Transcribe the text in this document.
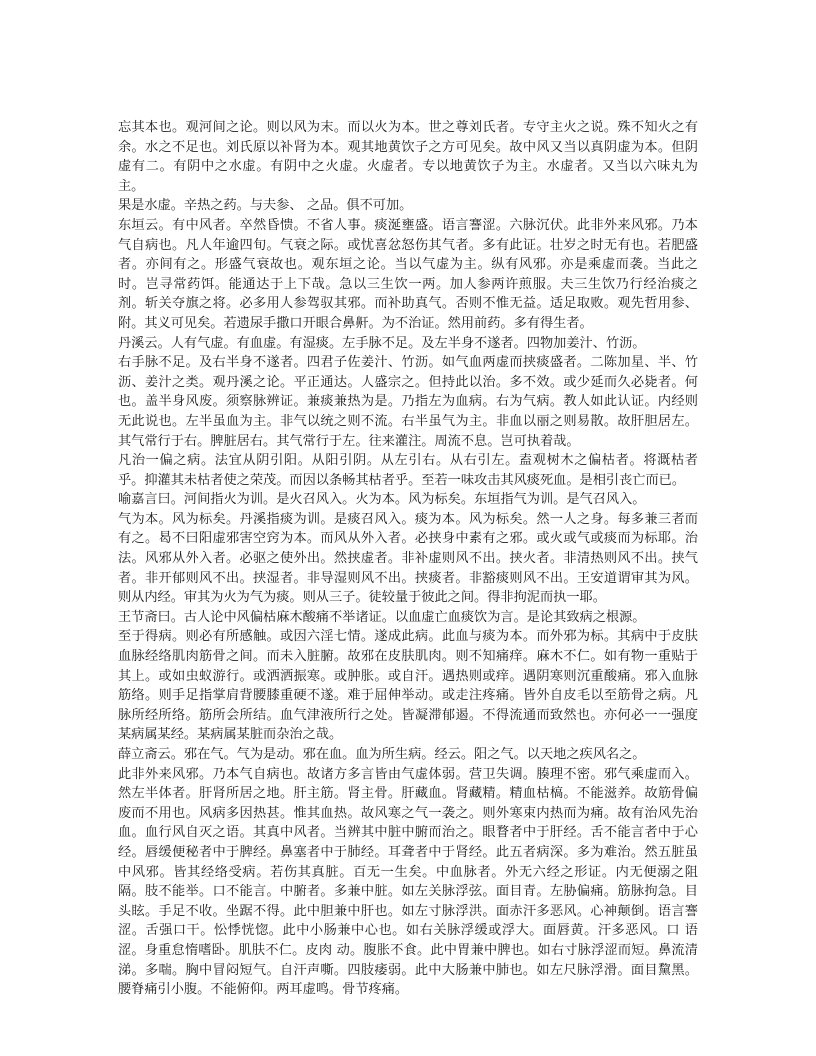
忘其本也。观河间之论。则以风为末。而以火为本。世之尊刘氏者。专守主火之说。殊不知火之有余。水之不足也。刘氏原以补肾为本。观其地黄饮子之方可见矣。故中风又当以真阴虚为本。但阴虚有二。有阴中之水虚。有阴中之火虚。火虚者。专以地黄饮子为主。水虚者。又当以六味丸为主。

果是水虚。辛热之药。与夫参、 之品。俱不可加。

东垣云。有中风者。卒然昏愦。不省人事。痰涎壅盛。语言謇涩。六脉沉伏。此非外来风邪。乃本气自病也。凡人年逾四旬。气衰之际。或忧喜忿怒伤其气者。多有此证。壮岁之时无有也。若肥盛者。亦间有之。形盛气衰故也。观东垣之论。当以气虚为主。纵有风邪。亦是乘虚而袭。当此之时。岂寻常药饵。能通达于上下哉。急以三生饮一两。加人参两许煎服。夫三生饮乃行经治痰之剂。斩关夺旗之将。必多用人参驾驭其邪。而补助真气。否则不惟无益。适足取败。观先哲用参、附。其义可见矣。若遗尿手撒口开眼合鼻鼾。为不治证。然用前药。多有得生者。

丹溪云。人有气虚。有血虚。有湿痰。左手脉不足。及左半身不遂者。四物加姜汁、竹沥。

右手脉不足。及右半身不遂者。四君子佐姜汁、竹沥。如气血两虚而挟痰盛者。二陈加星、半、竹沥、姜汁之类。观丹溪之论。平正通达。人盛宗之。但持此以治。多不效。或少延而久必毙者。何也。盖半身风废。须察脉辨证。兼痰兼热为是。乃指左为血病。右为气病。教人如此认证。内经则无此说也。左半虽血为主。非气以统之则不流。右半虽气为主。非血以丽之则易散。故肝胆居左。其气常行于右。脾脏居右。其气常行于左。往来灌注。周流不息。岂可执着哉。

凡治一偏之病。法宜从阴引阳。从阳引阴。从左引右。从右引左。盍观树木之偏枯者。将溉枯者乎。抑灌其未枯者使之荣茂。而因以条畅其枯者乎。至若一味攻击其风痰死血。是相引丧亡而已。

喻嘉言曰。河间指火为训。是火召风入。火为本。风为标矣。东垣指气为训。是气召风入。

气为本。风为标矣。丹溪指痰为训。是痰召风入。痰为本。风为标矣。然一人之身。每多兼三者而有之。曷不曰阳虚邪害空窍为本。而风从外入者。必挟身中素有之邪。或火或气或痰而为标耶。治法。风邪从外入者。必驱之使外出。然挟虚者。非补虚则风不出。挟火者。非清热则风不出。挟气者。非开郁则风不出。挟湿者。非导湿则风不出。挟痰者。非豁痰则风不出。王安道谓审其为风。则从内经。审其为火为气为痰。则从三子。徒较量于彼此之间。得非拘泥而执一耶。

王节斋曰。古人论中风偏枯麻木酸痛不举诸证。以血虚亡血痰饮为言。是论其致病之根源。

至于得病。则必有所感触。或因六淫七情。遂成此病。此血与痰为本。而外邪为标。其病中于皮肤血脉经络肌肉筋骨之间。而未入脏腑。故邪在皮肤肌肉。则不知痛痒。麻木不仁。如有物一重贴于其上。或如虫蚁游行。或洒洒振寒。或肿胀。或自汗。遇热则或痒。遇阴寒则沉重酸痛。邪入血脉筋络。则手足指掌肩背腰膝重硬不遂。难于屈伸举动。或走注疼痛。皆外自皮毛以至筋骨之病。凡脉所经所络。筋所会所结。血气津液所行之处。皆凝滞郁遏。不得流通而致然也。亦何必一一强度某病属某经。某病属某脏而杂治之哉。

薛立斋云。邪在气。气为是动。邪在血。血为所生病。经云。阳之气。以天地之疾风名之。

此非外来风邪。乃本气自病也。故诸方多言皆由气虚体弱。营卫失调。腠理不密。邪气乘虚而入。然左半体者。肝肾所居之地。肝主筋。肾主骨。肝藏血。肾藏精。精血枯槁。不能滋养。故筋骨偏废而不用也。风病多因热甚。惟其血热。故风寒之气一袭之。则外寒束内热而为痛。故有治风先治血。血行风自灭之语。其真中风者。当辨其中脏中腑而治之。眼瞀者中于肝经。舌不能言者中于心经。唇缓便秘者中于脾经。鼻塞者中于肺经。耳聋者中于肾经。此五者病深。多为难治。然五脏虽中风邪。皆其经络受病。若伤其真脏。百无一生矣。中血脉者。外无六经之形证。内无便溺之阻隔。肢不能举。口不能言。中腑者。多兼中脏。如左关脉浮弦。面目青。左胁偏痛。筋脉拘急。目 头眩。手足不收。坐踞不得。此中胆兼中肝也。如左寸脉浮洪。面赤汗多恶风。心神颠倒。语言謇涩。舌强口干。忪悸恍惚。此中小肠兼中心也。如右关脉浮缓或浮大。面唇黄。汗多恶风。口 语涩。身重怠惰嗜卧。肌肤不仁。皮肉 动。腹胀不食。此中胃兼中脾也。如右寸脉浮涩而短。鼻流清涕。多喘。胸中冒闷短气。自汗声嘶。四肢痿弱。此中大肠兼中肺也。如左尺脉浮滑。面目黧黑。腰脊痛引小腹。不能俯仰。两耳虚鸣。骨节疼痛。
